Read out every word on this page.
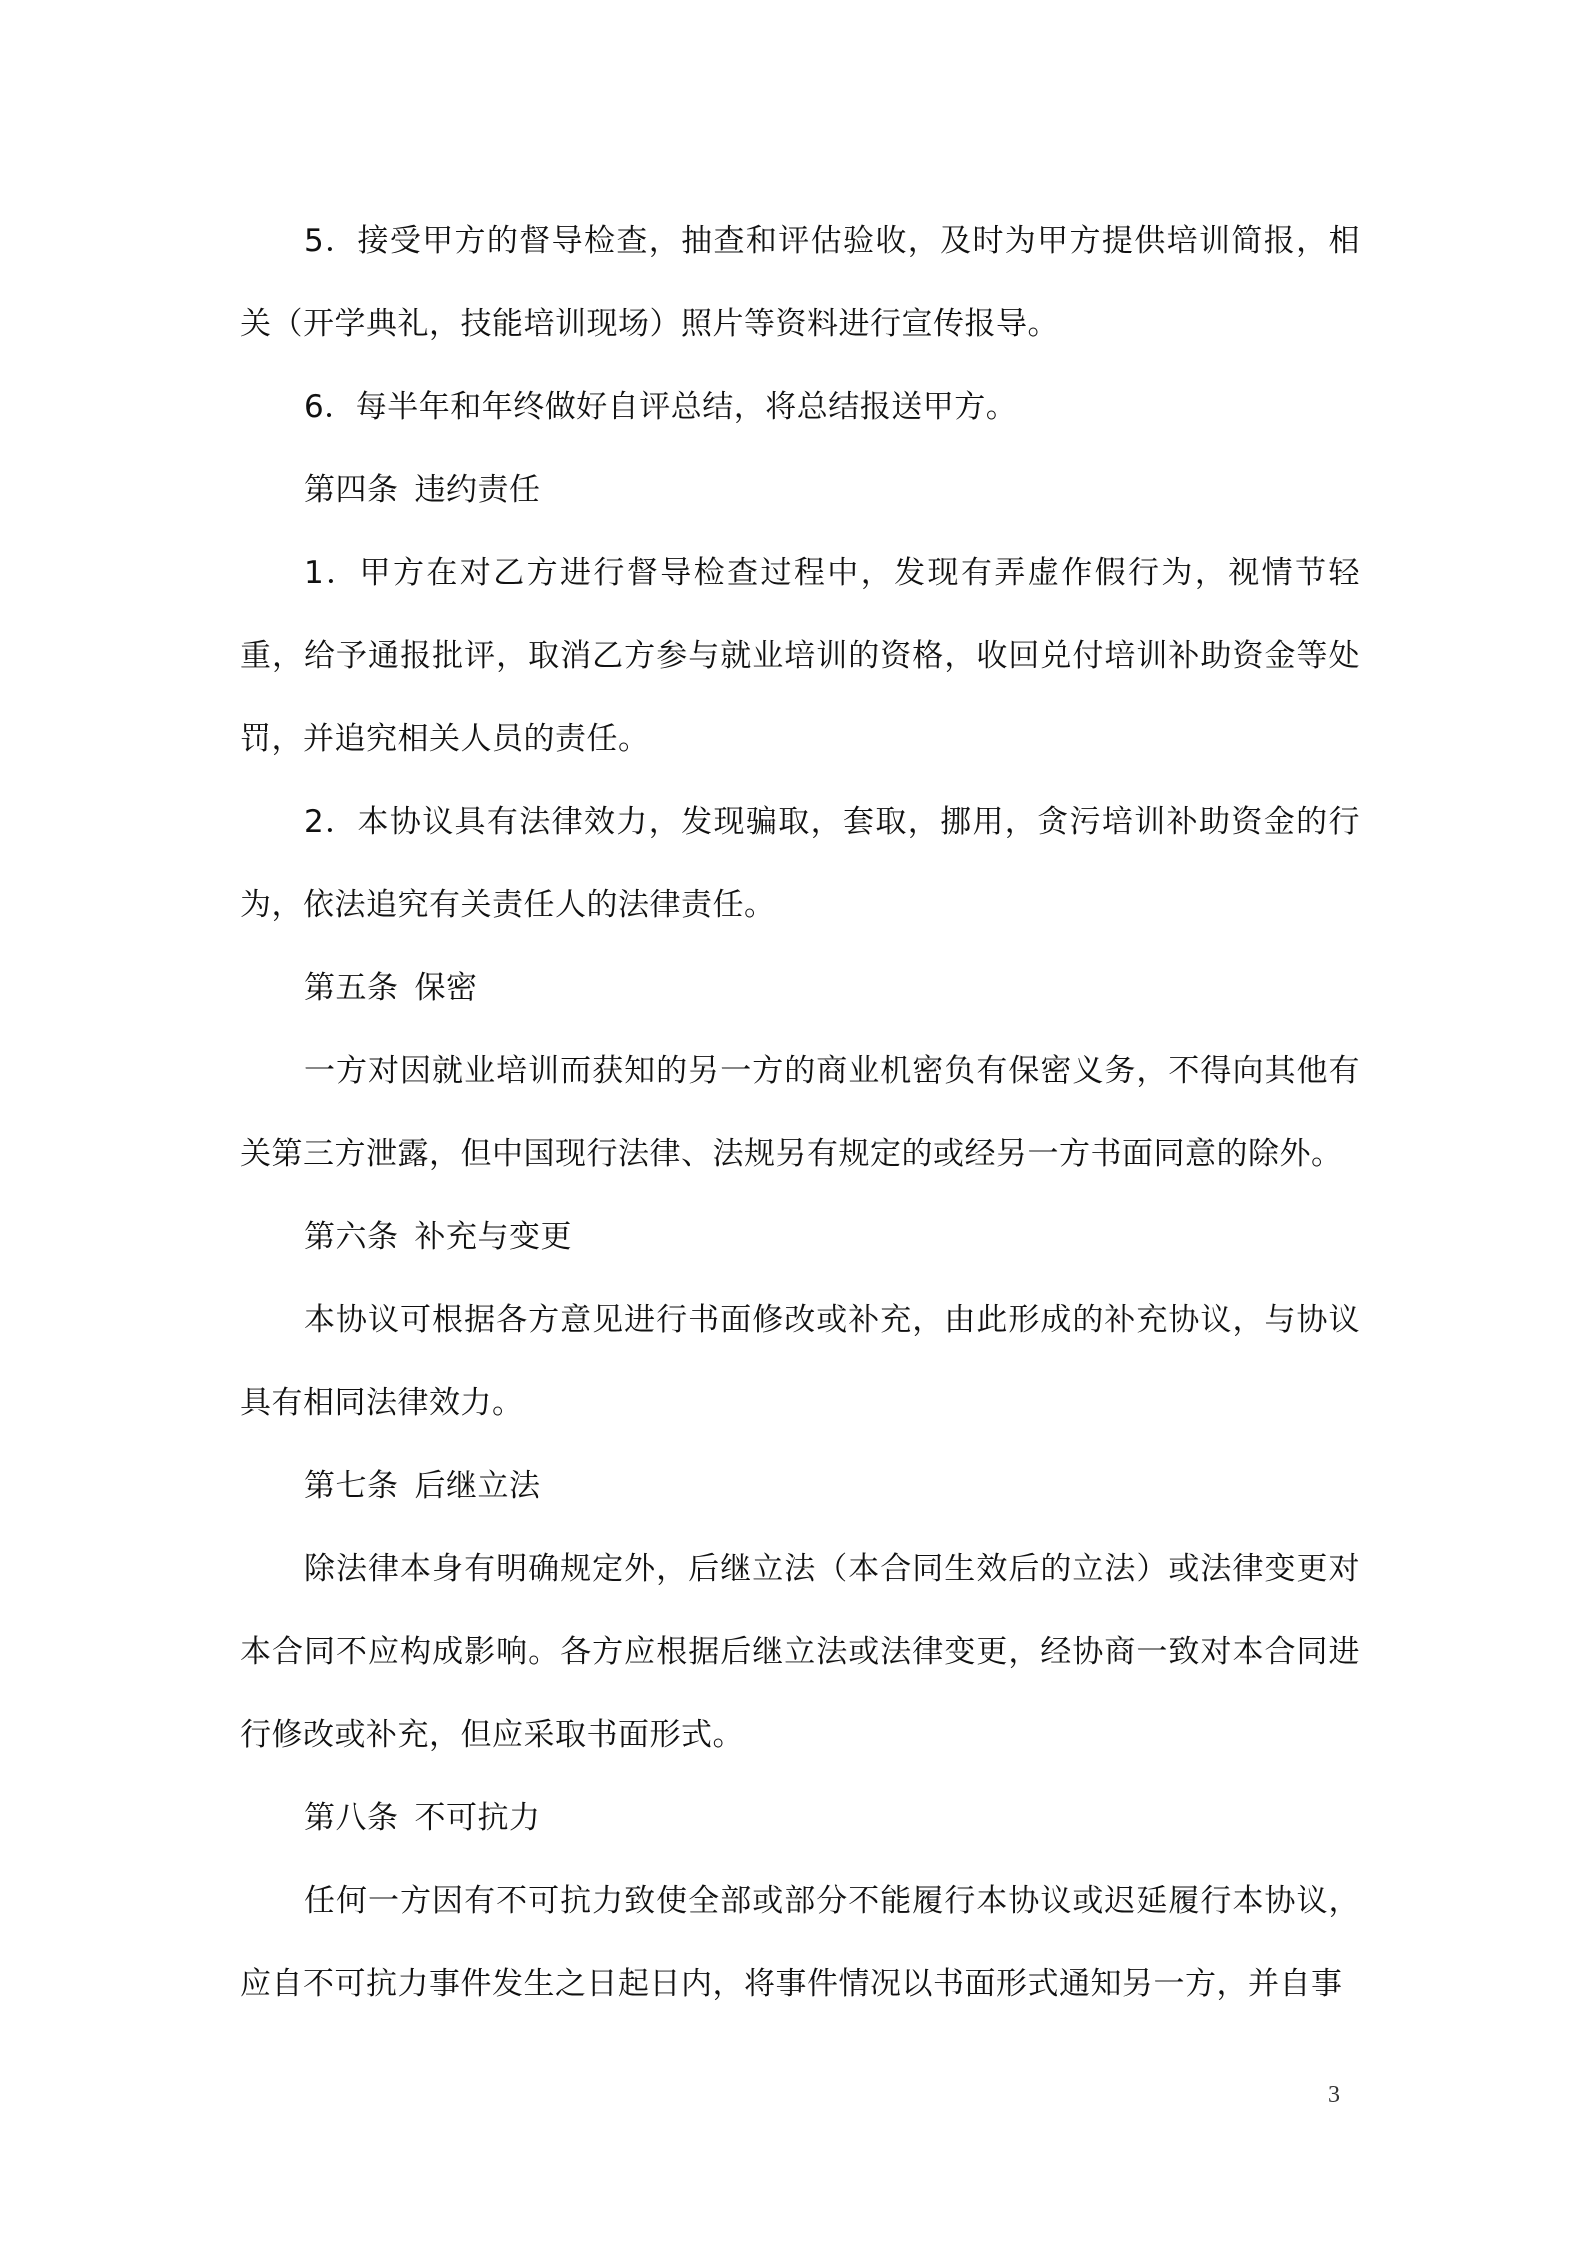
5．接受甲方的督导检查，抽查和评估验收，及时为甲方提供培训简报，相关（开学典礼，技能培训现场）照片等资料进行宣传报导。

6．每半年和年终做好自评总结，将总结报送甲方。

第四条 违约责任

1．甲方在对乙方进行督导检查过程中，发现有弄虚作假行为，视情节轻重，给予通报批评，取消乙方参与就业培训的资格，收回兑付培训补助资金等处罚，并追究相关人员的责任。

2．本协议具有法律效力，发现骗取，套取，挪用，贪污培训补助资金的行为，依法追究有关责任人的法律责任。

第五条 保密

一方对因就业培训而获知的另一方的商业机密负有保密义务，不得向其他有关第三方泄露，但中国现行法律、法规另有规定的或经另一方书面同意的除外。

第六条 补充与变更

本协议可根据各方意见进行书面修改或补充，由此形成的补充协议，与协议具有相同法律效力。

第七条 后继立法

除法律本身有明确规定外，后继立法（本合同生效后的立法）或法律变更对本合同不应构成影响。各方应根据后继立法或法律变更，经协商一致对本合同进行修改或补充，但应采取书面形式。

第八条 不可抗力

任何一方因有不可抗力致使全部或部分不能履行本协议或迟延履行本协议，应自不可抗力事件发生之日起日内，将事件情况以书面形式通知另一方，并自事

3
